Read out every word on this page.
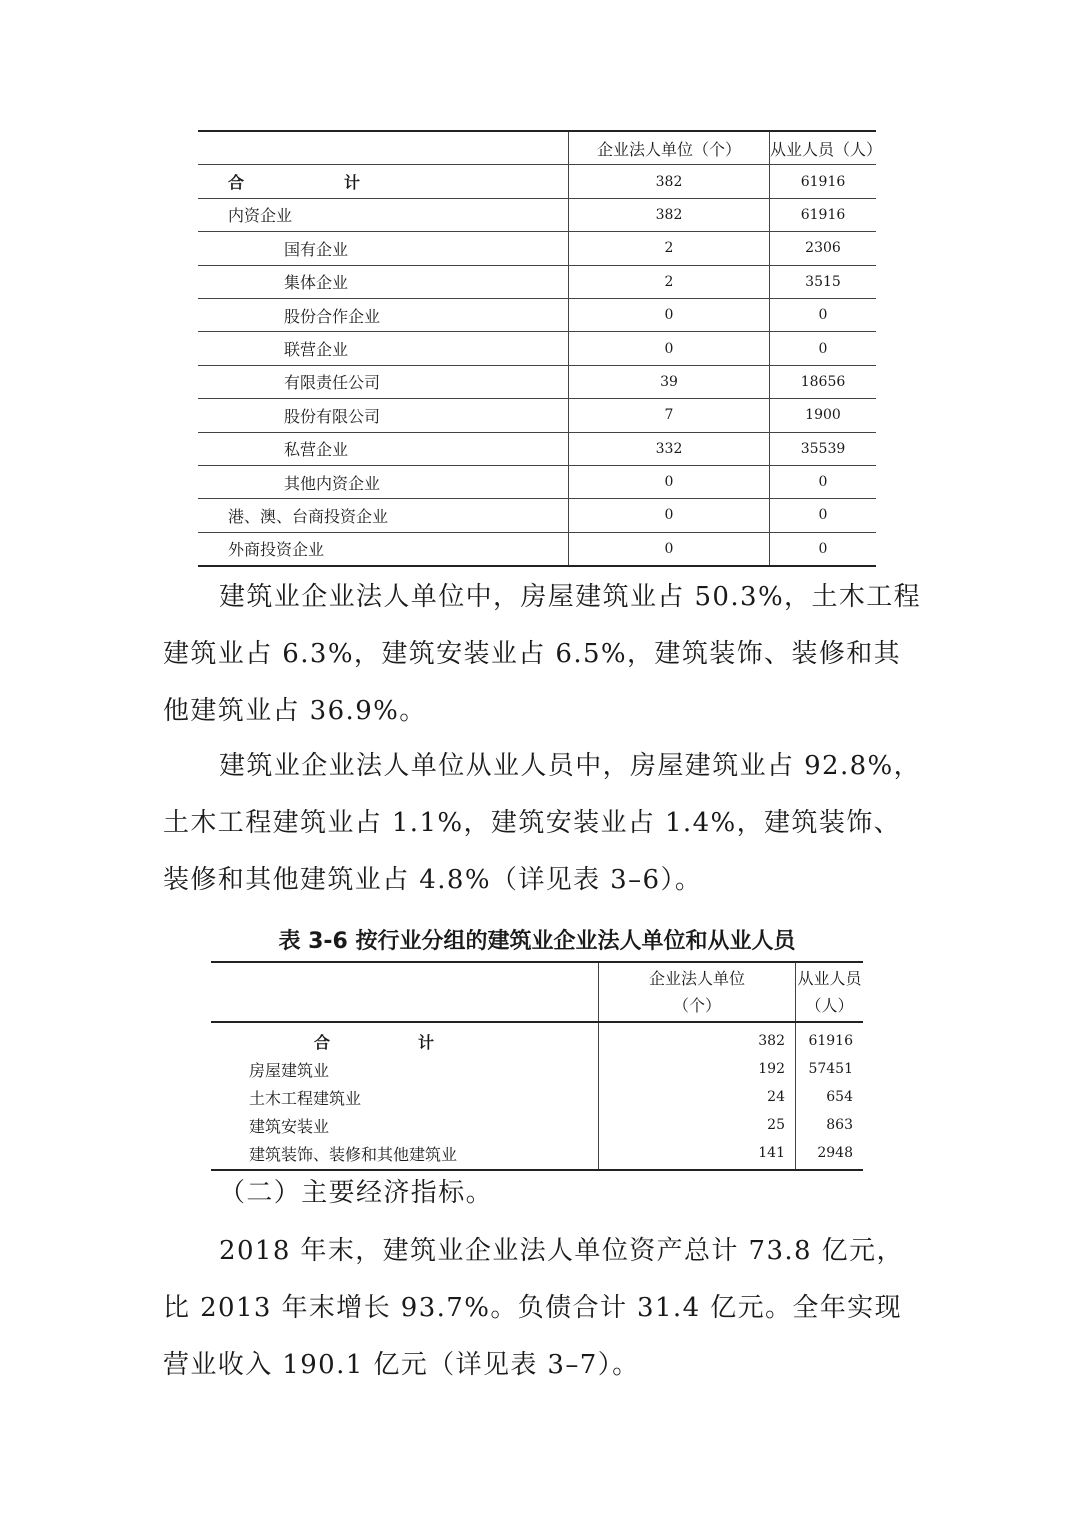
	企业法人单位（个）	从业人员（人）
合　计	382	61916
内资企业	382	61916
国有企业	2	2306
集体企业	2	3515
股份合作企业	0	0
联营企业	0	0
有限责任公司	39	18656
股份有限公司	7	1900
私营企业	332	35539
其他内资企业	0	0
港、澳、台商投资企业	0	0
外商投资企业	0	0

建筑业企业法人单位中，房屋建筑业占 50.3%，土木工程建筑业占 6.3%，建筑安装业占 6.5%，建筑装饰、装修和其他建筑业占 36.9%。

建筑业企业法人单位从业人员中，房屋建筑业占 92.8%，土木工程建筑业占 1.1%，建筑安装业占 1.4%，建筑装饰、装修和其他建筑业占 4.8%（详见表 3–6）。

表 3-6 按行业分组的建筑业企业法人单位和从业人员

	企业法人单位
（个）	从业人员
（人）

合　计	382	61916
房屋建筑业	192	57451
土木工程建筑业	24	654
建筑安装业	25	863
建筑装饰、装修和其他建筑业	141	2948

（二）主要经济指标。

2018 年末，建筑业企业法人单位资产总计 73.8 亿元，比 2013 年末增长 93.7%。负债合计 31.4 亿元。全年实现营业收入 190.1 亿元（详见表 3–7）。
